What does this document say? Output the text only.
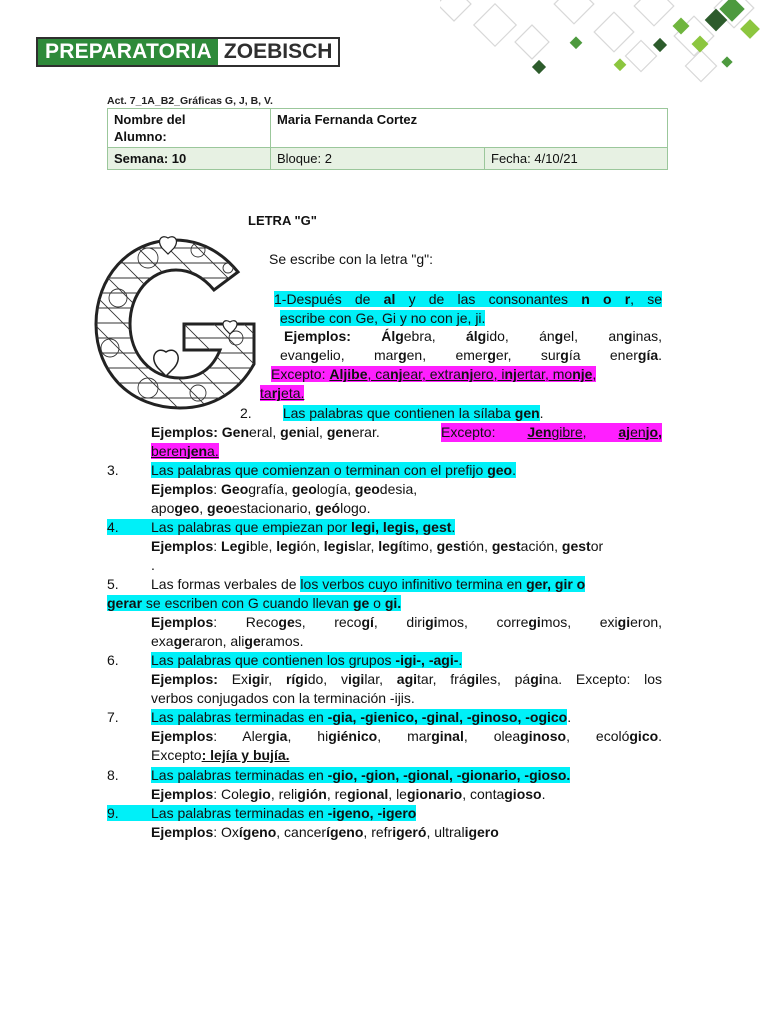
PREPARATORIA ZOEBISCH
Act. 7_1A_B2_Gráficas G, J, B, V.
Nombre del
Alumno:	Maria Fernanda Cortez	
Semana: 10	Bloque: 2	Fecha: 4/10/21
LETRA "G"
Se escribe con la letra "g":
1-Después de al y de las consonantes n o r, se
escribe con Ge, Gi y no con je, ji.
Ejemplos: Álgebra, álgido, ángel, anginas,
evangelio, margen, emerger, surgía energía.
Excepto: Aljibe, canjear, extranjero, injertar, monje,
tarjeta.
2. Las palabras que contienen la sílaba gen.
Ejemplos: General, genial, generar.	Excepto: Jengibre, ajenjo,
berenjena.
3. Las palabras que comienzan o terminan con el prefijo geo.
Ejemplos: Geografía, geología, geodesia,
apogeo, geoestacionario, geólogo.
4. Las palabras que empiezan por legi, legis, gest.
Ejemplos: Legible, legión, legislar, legítimo, gestión, gestación, gestor
.
5. Las formas verbales de los verbos cuyo infinitivo termina en ger, gir o
gerar se escriben con G cuando llevan ge o gi.
Ejemplos: Recoges, recogí, dirigimos, corregimos, exigieron,
exageraron, aligeramos.
6. Las palabras que contienen los grupos -igi-, -agi-.
Ejemplos: Exigir, rígido, vigilar, agitar, frágiles, página. Excepto: los
verbos conjugados con la terminación -ijis.
7. Las palabras terminadas en -gia, -gienico, -ginal, -ginoso, -ogico.
Ejemplos: Alergia, higiénico, marginal, oleaginoso, ecológico.
Excepto: lejía y bujía.
8. Las palabras terminadas en -gio, -gion, -gional, -gionario, -gioso.
Ejemplos: Colegio, religión, regional, legionario, contagioso.
9. Las palabras terminadas en -igeno, -igero
Ejemplos: Oxígeno, cancerígeno, refrigeró, ultraligero
